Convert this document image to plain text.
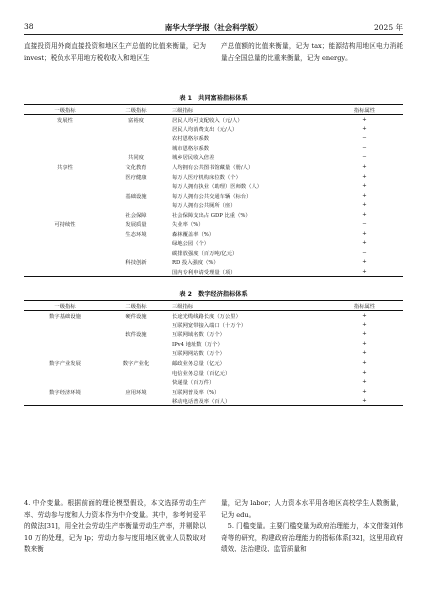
38	南华大学学报（社会科学版）	2025 年

直接投资用外商直接投资和地区生产总值的比值来衡量，记为 invest；税负水平用地方税收收入和地区生

产总值额的比值来衡量，记为 tax；能源结构用地区电力消耗量占全国总量的比重来衡量，记为 energy。

表 1　共同富裕指标体系
一级指标	二级指标	三级指标	指标属性
发展性	富裕度	居民人均可支配收入（元/人）	+
		居民人均消费支出（元/人）	+
		农村恩格尔系数	−
		城市恩格尔系数	−
	共同度	城乡居民收入倍差	−
共享性	文化教育	人均拥有公共图书馆藏量（册/人）	+
	医疗健康	每万人医疗机构床位数（个）	+
		每万人拥有执业（助理）医师数（人）	+
	基础设施	每万人拥有公共交通车辆（标台）	+
		每万人拥有公共厕所（座）	+
	社会保障	社会保障支出占 GDP 比重（%）	+
可持续性	发展质量	失业率（%）	−
	生态环境	森林覆盖率（%）	+
		绿地公园（个）	+
		碳排放强度（百万吨/亿元）	−
	科技创新	RD 投入强度（%）	+
		国内专利申请受理量（项）	+
表 2　数字经济指标体系
一级指标	二级指标	三级指标	指标属性
数字基础设施	硬件设施	长途光缆线路长度（万公里）	+
		互联网宽带接入端口（十万个）	+
	软件设施	互联网域名数（万个）	+
		IPv4 地址数（万个）	+
		互联网网站数（万个）	+
数字产业发展	数字产业化	邮政业务总量（亿元）	+
		电信业务总量（百亿元）	+
		快递量（百万件）	+
数字经济环境	应用环境	互联网普及率（%）	+
		移动电话普及率（百人）	+

4. 中介变量。根据前面的理论模型假设，本文选择劳动生产率、劳动参与度和人力资本作为中介变量。其中，参考何爱平的做法[31]，用全社会劳动生产率衡量劳动生产率，并剔除以 10 万的处理，记为 lp；劳动力参与度用地区就业人员数取对数来衡

量，记为 labor；人力资本水平用各地区高校学生人数衡量，记为 edu。
　5. 门槛变量。主要门槛变量为政府治理能力，本文借鉴刘伟奇等的研究，构建政府治理能力的指标体系[32]，这里用政府绩效、法治建设、监管质量和
